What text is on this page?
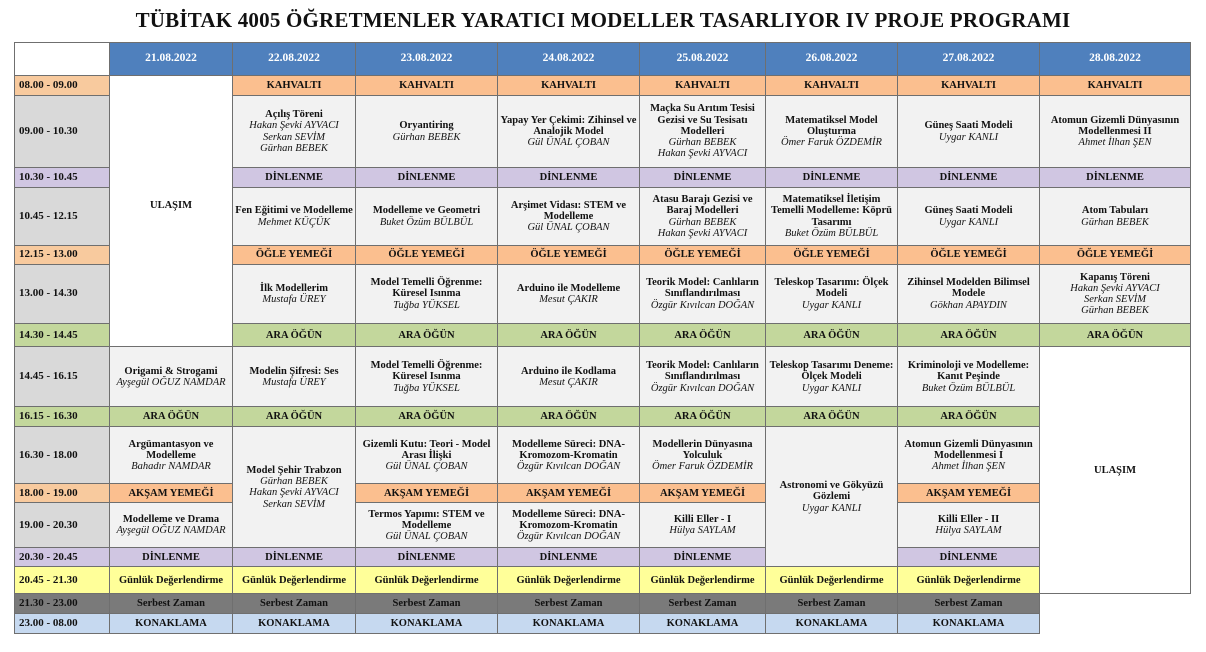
TÜBİTAK 4005 ÖĞRETMENLER YARATICI MODELLER TASARLIYOR IV PROJE PROGRAMI
	21.08.2022	22.08.2022	23.08.2022	24.08.2022	25.08.2022	26.08.2022	27.08.2022	28.08.2022	
08.00 - 09.00	ULAŞIM	KAHVALTI	KAHVALTI	KAHVALTI	KAHVALTI	KAHVALTI	KAHVALTI	KAHVALTI	
09.00 - 10.30		Açılış Töreni
Hakan Şevki AYVACI
Serkan SEVİM
Gürhan BEBEK	Oryantiring
Gürhan BEBEK	Yapay Yer Çekimi: Zihinsel ve Analojik Model
Gül ÜNAL ÇOBAN	Maçka Su Arıtım Tesisi Gezisi ve Su Tesisatı Modelleri
Gürhan BEBEK
Hakan Şevki AYVACI	Matematiksel Model Oluşturma
Ömer Faruk ÖZDEMİR	Güneş Saati Modeli
Uygar KANLI	Atomun Gizemli Dünyasının Modellenmesi II
Ahmet İlhan ŞEN	

10.30 - 10.45		DİNLENME	DİNLENME	DİNLENME	DİNLENME	DİNLENME	DİNLENME	DİNLENME	
10.45 - 12.15		Fen Eğitimi ve Modelleme
Mehmet KÜÇÜK	Modelleme ve Geometri
Buket Özüm BÜLBÜL	Arşimet Vidası: STEM ve Modelleme
Gül ÜNAL ÇOBAN	Atasu Barajı Gezisi ve Baraj Modelleri
Gürhan BEBEK
Hakan Şevki AYVACI	Matematiksel İletişim Temelli Modelleme: Köprü Tasarımı
Buket Özüm BÜLBÜL	Güneş Saati Modeli
Uygar KANLI	Atom Tabuları
Gürhan BEBEK	

12.15 - 13.00		ÖĞLE YEMEĞİ	ÖĞLE YEMEĞİ	ÖĞLE YEMEĞİ	ÖĞLE YEMEĞİ	ÖĞLE YEMEĞİ	ÖĞLE YEMEĞİ	ÖĞLE YEMEĞİ	
13.00 - 14.30		İlk Modellerim
Mustafa ÜREY	Model Temelli Öğrenme: Küresel Isınma
Tuğba YÜKSEL	Arduino ile Modelleme
Mesut ÇAKIR	Teorik Model: Canlıların Sınıflandırılması
Özgür Kıvılcan DOĞAN	Teleskop Tasarımı: Ölçek Modeli
Uygar KANLI	Zihinsel Modelden Bilimsel Modele
Gökhan APAYDIN	Kapanış Töreni
Hakan Şevki AYVACI
Serkan SEVİM
Gürhan BEBEK	

14.30 - 14.45		ARA ÖĞÜN	ARA ÖĞÜN	ARA ÖĞÜN	ARA ÖĞÜN	ARA ÖĞÜN	ARA ÖĞÜN	ARA ÖĞÜN	
14.45 - 16.15	Origami & Strogami
Ayşegül OĞUZ NAMDAR	Modelin Şifresi: Ses
Mustafa ÜREY	Model Temelli Öğrenme: Küresel Isınma
Tuğba YÜKSEL	Arduino ile Kodlama
Mesut ÇAKIR	Teorik Model: Canlıların Sınıflandırılması
Özgür Kıvılcan DOĞAN	Teleskop Tasarımı Deneme: Ölçek Modeli
Uygar KANLI	Kriminoloji ve Modelleme: Kanıt Peşinde
Buket Özüm BÜLBÜL	ULAŞIM	

16.15 - 16.30	ARA ÖĞÜN	ARA ÖĞÜN	ARA ÖĞÜN	ARA ÖĞÜN	ARA ÖĞÜN	ARA ÖĞÜN	ARA ÖĞÜN		
16.30 - 18.00	Argümantasyon ve Modelleme
Bahadır NAMDAR	Model Şehir Trabzon
Gürhan BEBEK
Hakan Şevki AYVACI
Serkan SEVİM	Gizemli Kutu: Teori - Model Arası İlişki
Gül ÜNAL ÇOBAN	Modelleme Süreci: DNA-Kromozom-Kromatin
Özgür Kıvılcan DOĞAN	Modellerin Dünyasına Yolculuk
Ömer Faruk ÖZDEMİR	Astronomi ve Gökyüzü Gözlemi
Uygar KANLI	Atomun Gizemli Dünyasının Modellenmesi I
Ahmet İlhan ŞEN		

18.00 - 19.00	AKŞAM YEMEĞİ		AKŞAM YEMEĞİ	AKŞAM YEMEĞİ	AKŞAM YEMEĞİ		AKŞAM YEMEĞİ		
19.00 - 20.30	Modelleme ve Drama
Ayşegül OĞUZ NAMDAR		Termos Yapımı: STEM ve Modelleme
Gül ÜNAL ÇOBAN	Modelleme Süreci: DNA-Kromozom-Kromatin
Özgür Kıvılcan DOĞAN	Killi Eller - I
Hülya SAYLAM		Killi Eller - II
Hülya SAYLAM		

20.30 - 20.45	DİNLENME	DİNLENME	DİNLENME	DİNLENME	DİNLENME		DİNLENME		
20.45 - 21.30	Günlük Değerlendirme	Günlük Değerlendirme	Günlük Değerlendirme	Günlük Değerlendirme	Günlük Değerlendirme	Günlük Değerlendirme	Günlük Değerlendirme		
21.30 - 23.00	Serbest Zaman	Serbest Zaman	Serbest Zaman	Serbest Zaman	Serbest Zaman	Serbest Zaman	Serbest Zaman		
23.00 - 08.00	KONAKLAMA	KONAKLAMA	KONAKLAMA	KONAKLAMA	KONAKLAMA	KONAKLAMA	KONAKLAMA		
